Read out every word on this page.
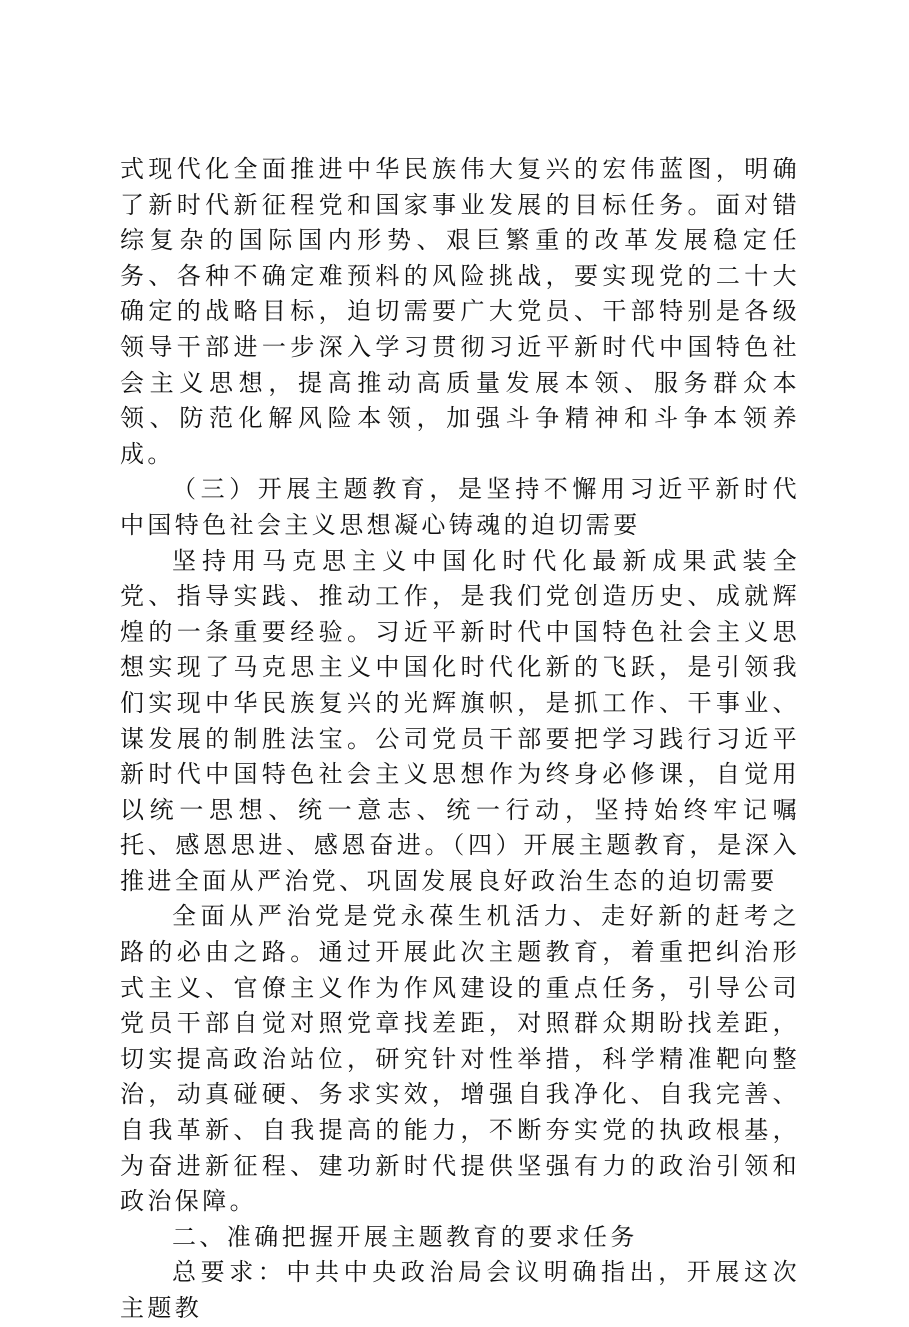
式现代化全面推进中华民族伟大复兴的宏伟蓝图，明确了新时代新征程党和国家事业发展的目标任务。面对错综复杂的国际国内形势、艰巨繁重的改革发展稳定任务、各种不确定难预料的风险挑战，要实现党的二十大确定的战略目标，迫切需要广大党员、干部特别是各级领导干部进一步深入学习贯彻习近平新时代中国特色社会主义思想，提高推动高质量发展本领、服务群众本领、防范化解风险本领，加强斗争精神和斗争本领养成。

（三）开展主题教育，是坚持不懈用习近平新时代中国特色社会主义思想凝心铸魂的迫切需要

坚持用马克思主义中国化时代化最新成果武装全党、指导实践、推动工作，是我们党创造历史、成就辉煌的一条重要经验。习近平新时代中国特色社会主义思想实现了马克思主义中国化时代化新的飞跃，是引领我们实现中华民族复兴的光辉旗帜，是抓工作、干事业、谋发展的制胜法宝。公司党员干部要把学习践行习近平新时代中国特色社会主义思想作为终身必修课，自觉用以统一思想、统一意志、统一行动，坚持始终牢记嘱托、感恩思进、感恩奋进。（四）开展主题教育，是深入推进全面从严治党、巩固发展良好政治生态的迫切需要

全面从严治党是党永葆生机活力、走好新的赶考之路的必由之路。通过开展此次主题教育，着重把纠治形式主义、官僚主义作为作风建设的重点任务，引导公司党员干部自觉对照党章找差距，对照群众期盼找差距，切实提高政治站位，研究针对性举措，科学精准靶向整治，动真碰硬、务求实效，增强自我净化、自我完善、自我革新、自我提高的能力，不断夯实党的执政根基，为奋进新征程、建功新时代提供坚强有力的政治引领和政治保障。

二、准确把握开展主题教育的要求任务

总要求：中共中央政治局会议明确指出，开展这次主题教
